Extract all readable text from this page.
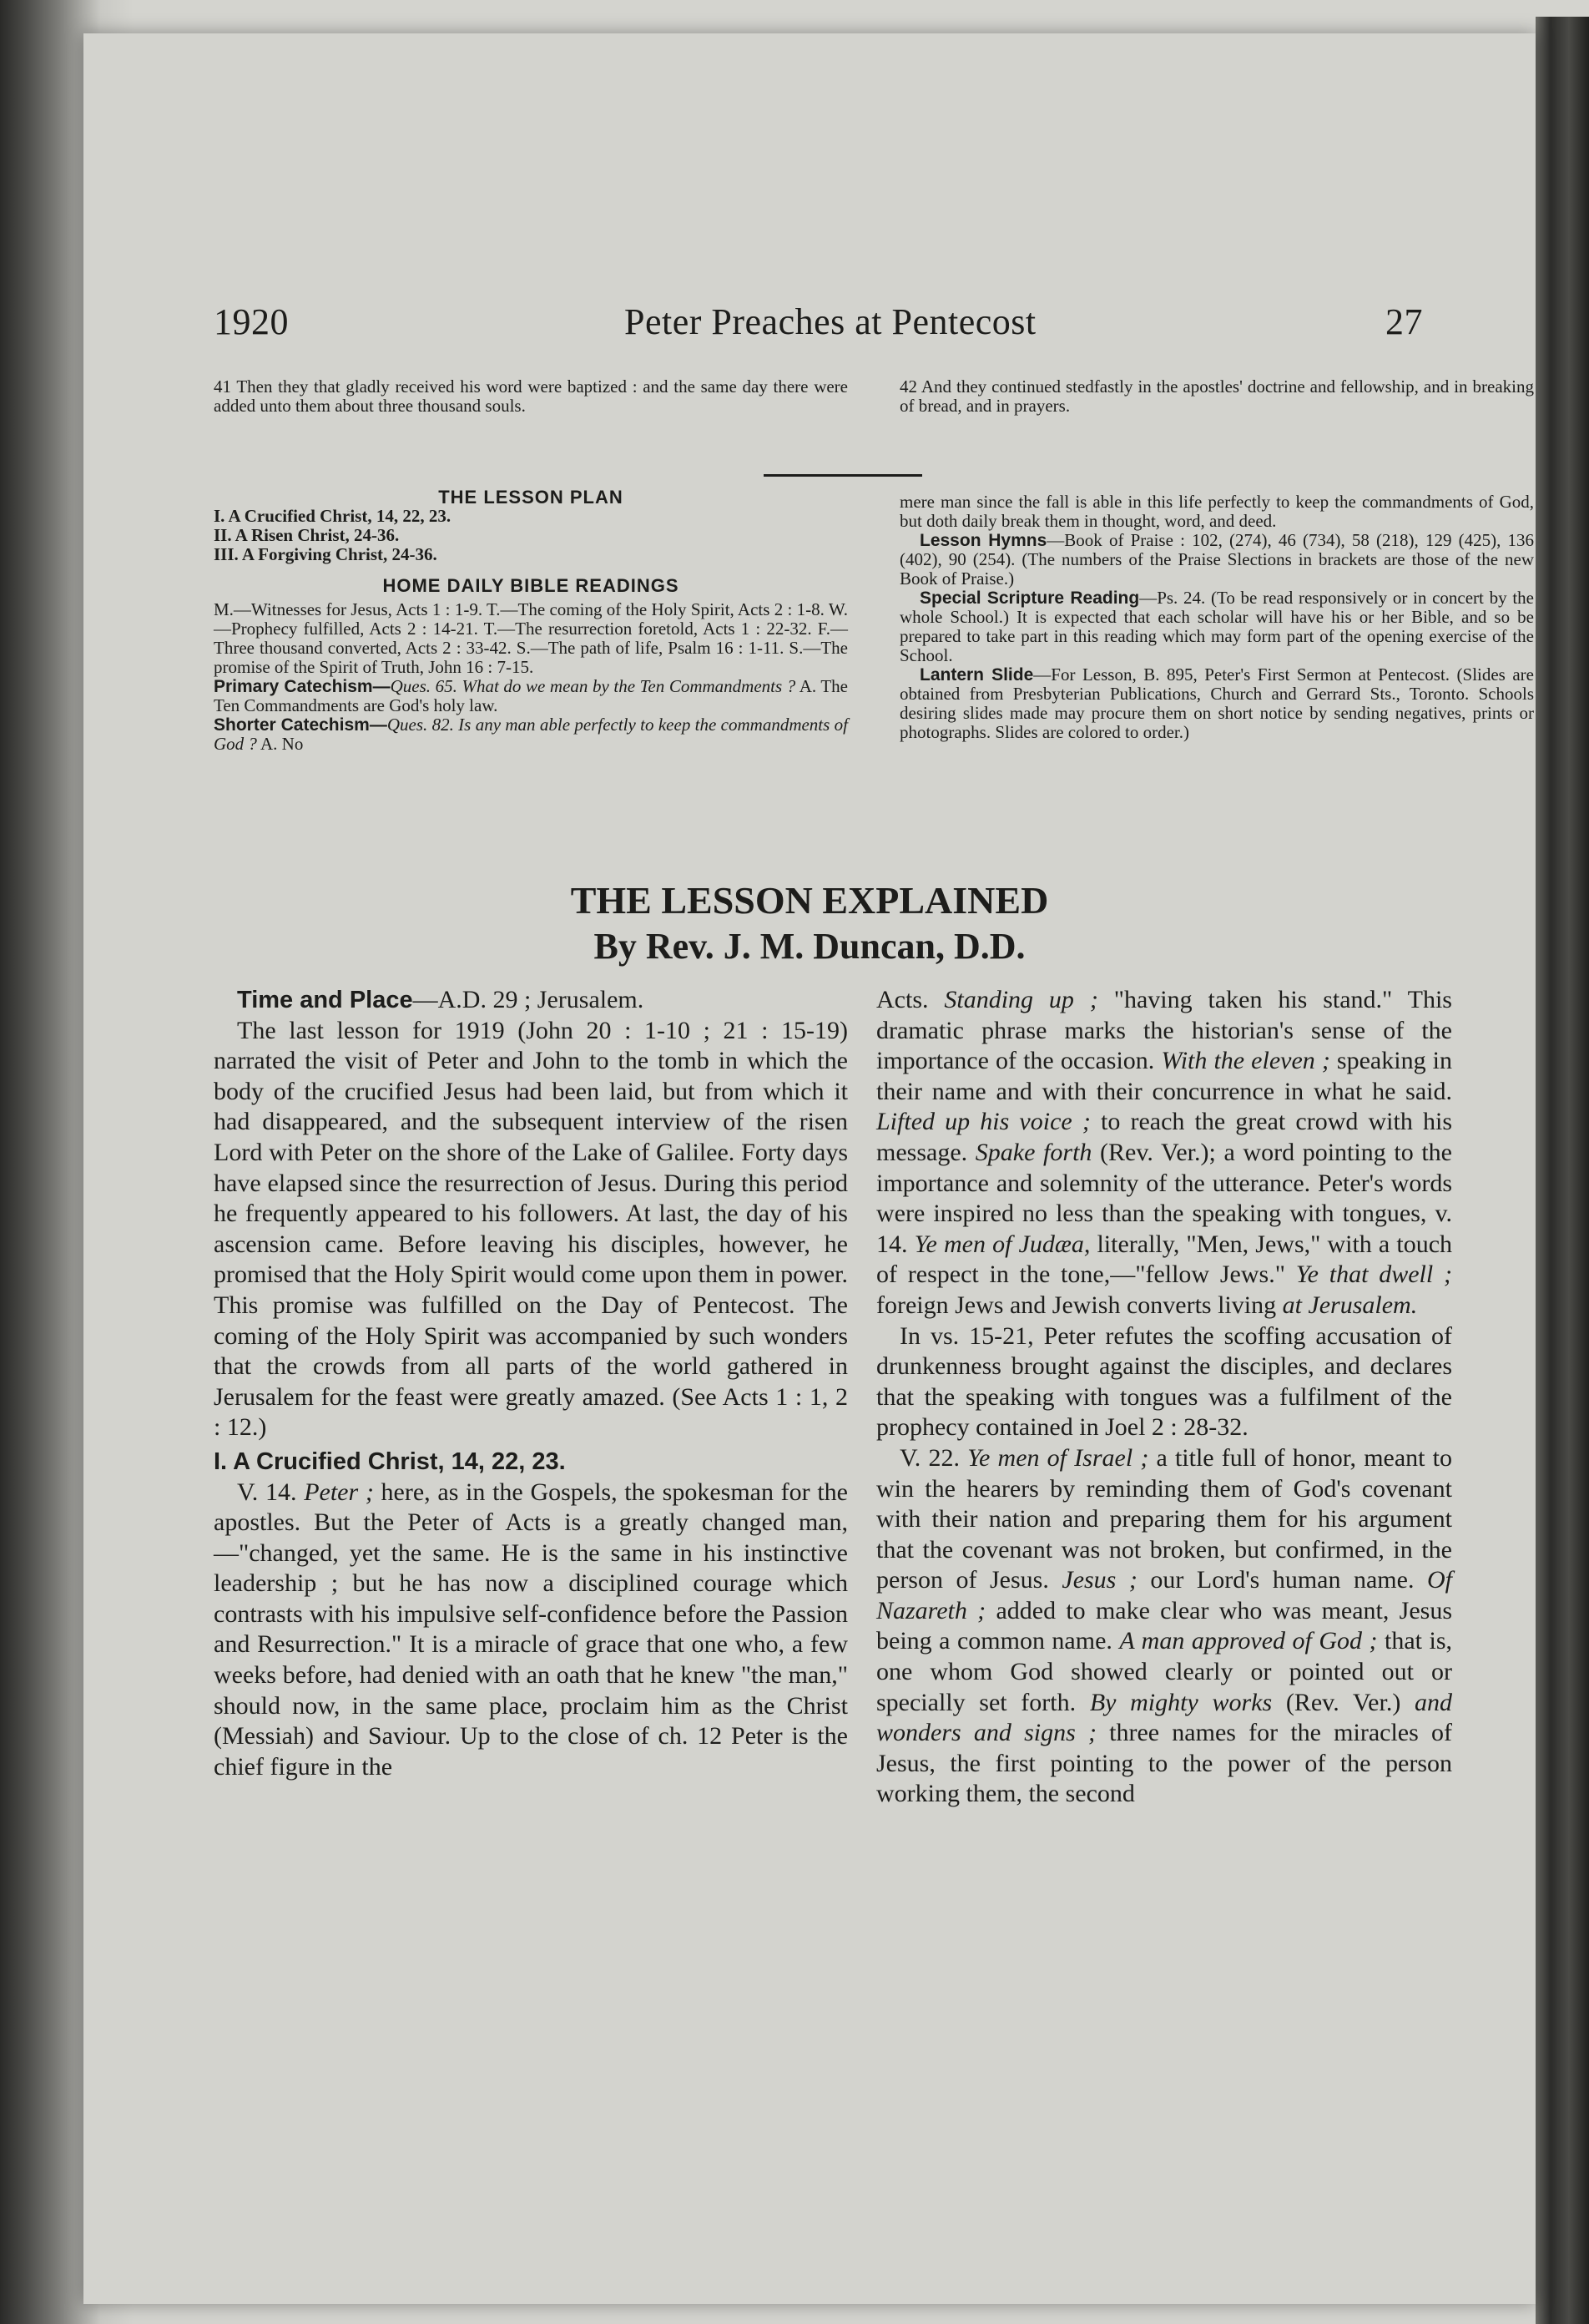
1920	Peter Preaches at Pentecost	27
41 Then they that gladly received his word were baptized : and the same day there were added unto them about three thousand souls.
42 And they continued stedfastly in the apostles' doctrine and fellowship, and in breaking of bread, and in prayers.

THE LESSON PLAN

I. A Crucified Christ, 14, 22, 23.

II. A Risen Christ, 24-36.

III. A Forgiving Christ, 24-36.

HOME DAILY BIBLE READINGS

M.—Witnesses for Jesus, Acts 1 : 1-9. T.—The coming of the Holy Spirit, Acts 2 : 1-8. W.—Prophecy fulfilled, Acts 2 : 14-21. T.—The resurrection foretold, Acts 1 : 22-32. F.—Three thousand converted, Acts 2 : 33-42. S.—The path of life, Psalm 16 : 1-11. S.—The promise of the Spirit of Truth, John 16 : 7-15.

Primary Catechism—Ques. 65. What do we mean by the Ten Commandments ? A. The Ten Commandments are God's holy law.

Shorter Catechism—Ques. 82. Is any man able perfectly to keep the commandments of God ? A. No

mere man since the fall is able in this life perfectly to keep the commandments of God, but doth daily break them in thought, word, and deed.

Lesson Hymns—Book of Praise : 102, (274), 46 (734), 58 (218), 129 (425), 136 (402), 90 (254). (The numbers of the Praise Slections in brackets are those of the new Book of Praise.)

Special Scripture Reading—Ps. 24. (To be read responsively or in concert by the whole School.) It is expected that each scholar will have his or her Bible, and so be prepared to take part in this reading which may form part of the opening exercise of the School.

Lantern Slide—For Lesson, B. 895, Peter's First Sermon at Pentecost. (Slides are obtained from Presbyterian Publications, Church and Gerrard Sts., Toronto. Schools desiring slides made may procure them on short notice by sending negatives, prints or photographs. Slides are colored to order.)

THE LESSON EXPLAINED
By Rev. J. M. Duncan, D.D.

Time and Place—A.D. 29 ; Jerusalem.

The last lesson for 1919 (John 20 : 1-10 ; 21 : 15-19) narrated the visit of Peter and John to the tomb in which the body of the crucified Jesus had been laid, but from which it had disappeared, and the subsequent interview of the risen Lord with Peter on the shore of the Lake of Galilee. Forty days have elapsed since the resurrection of Jesus. During this period he frequently appeared to his followers. At last, the day of his ascension came. Before leaving his disciples, however, he promised that the Holy Spirit would come upon them in power. This promise was fulfilled on the Day of Pentecost. The coming of the Holy Spirit was accompanied by such wonders that the crowds from all parts of the world gathered in Jerusalem for the feast were greatly amazed. (See Acts 1 : 1, 2 : 12.)

I. A Crucified Christ, 14, 22, 23.

V. 14. Peter ; here, as in the Gospels, the spokesman for the apostles. But the Peter of Acts is a greatly changed man,—"changed, yet the same. He is the same in his instinctive leadership ; but he has now a disciplined courage which contrasts with his impulsive self-confidence before the Passion and Resurrection." It is a miracle of grace that one who, a few weeks before, had denied with an oath that he knew "the man," should now, in the same place, proclaim him as the Christ (Messiah) and Saviour. Up to the close of ch. 12 Peter is the chief figure in the

Acts. Standing up ; "having taken his stand." This dramatic phrase marks the historian's sense of the importance of the occasion. With the eleven ; speaking in their name and with their concurrence in what he said. Lifted up his voice ; to reach the great crowd with his message. Spake forth (Rev. Ver.); a word pointing to the importance and solemnity of the utterance. Peter's words were inspired no less than the speaking with tongues, v. 14. Ye men of Judæa, literally, "Men, Jews," with a touch of respect in the tone,—"fellow Jews." Ye that dwell ; foreign Jews and Jewish converts living at Jerusalem.

In vs. 15-21, Peter refutes the scoffing accusation of drunkenness brought against the disciples, and declares that the speaking with tongues was a fulfilment of the prophecy contained in Joel 2 : 28-32.

V. 22. Ye men of Israel ; a title full of honor, meant to win the hearers by reminding them of God's covenant with their nation and preparing them for his argument that the covenant was not broken, but confirmed, in the person of Jesus. Jesus ; our Lord's human name. Of Nazareth ; added to make clear who was meant, Jesus being a common name. A man approved of God ; that is, one whom God showed clearly or pointed out or specially set forth. By mighty works (Rev. Ver.) and wonders and signs ; three names for the miracles of Jesus, the first pointing to the power of the person working them, the second
